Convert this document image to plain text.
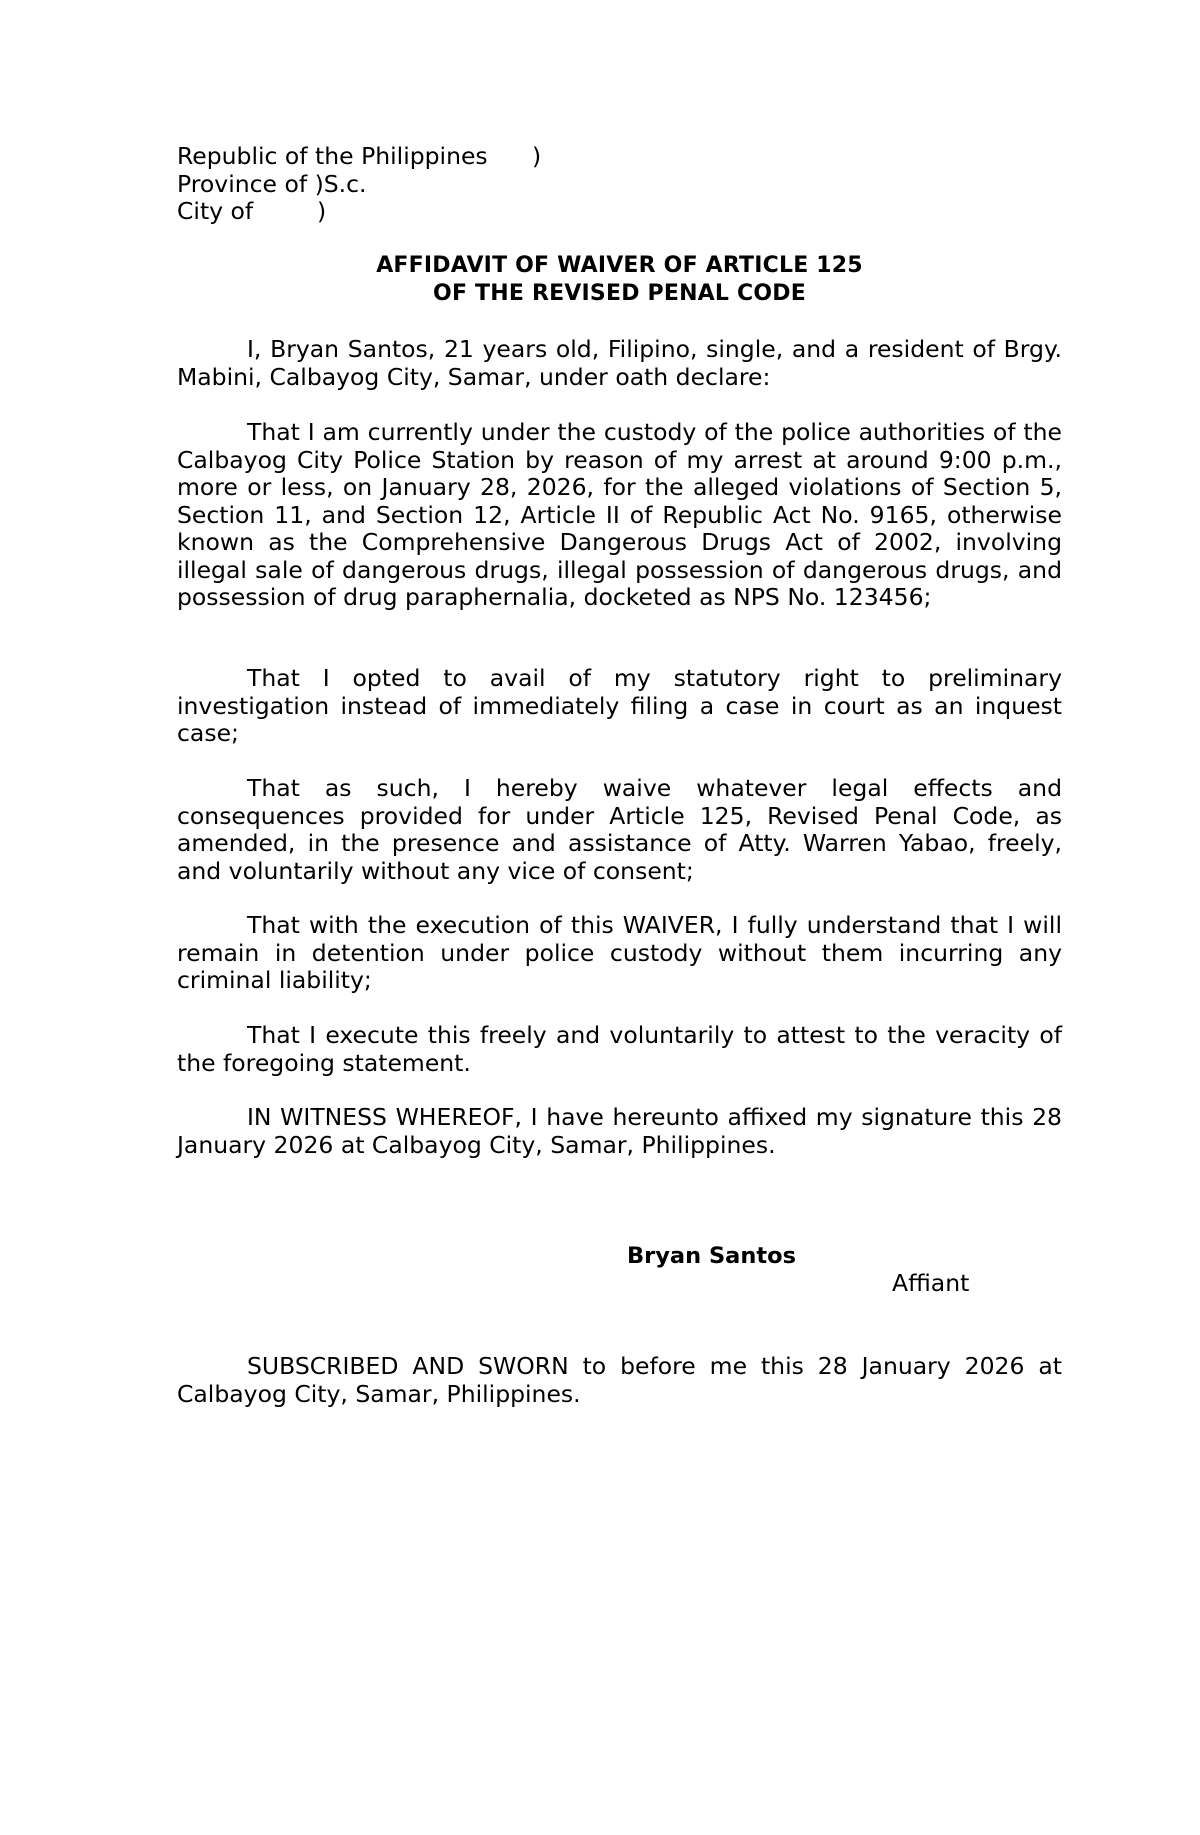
Republic of the Philippines	)
Province of )S.c.
City of	)
AFFIDAVIT OF WAIVER OF ARTICLE 125
OF THE REVISED PENAL CODE

I, Bryan Santos, 21 years old, Filipino, single, and a resident of Brgy. Mabini, Calbayog City, Samar, under oath declare:

That I am currently under the custody of the police authorities of the Calbayog City Police Station by reason of my arrest at around 9:00 p.m., more or less, on January 28, 2026, for the alleged violations of Section 5, Section 11, and Section 12, Article II of Republic Act No. 9165, otherwise known as the Comprehensive Dangerous Drugs Act of 2002, involving illegal sale of dangerous drugs, illegal possession of dangerous drugs, and possession of drug paraphernalia, docketed as NPS No. 123456;

That I opted to avail of my statutory right to preliminary investigation instead of immediately filing a case in court as an inquest case;

That as such, I hereby waive whatever legal effects and consequences provided for under Article 125, Revised Penal Code, as amended, in the presence and assistance of Atty. Warren Yabao, freely, and voluntarily without any vice of consent;

That with the execution of this WAIVER, I fully understand that I will remain in detention under police custody without them incurring any criminal liability;

That I execute this freely and voluntarily to attest to the veracity of the foregoing statement.

IN WITNESS WHEREOF, I have hereunto affixed my signature this 28 January 2026 at Calbayog City, Samar, Philippines.

Bryan Santos
Affiant

SUBSCRIBED AND SWORN to before me this 28 January 2026 at Calbayog City, Samar, Philippines.
